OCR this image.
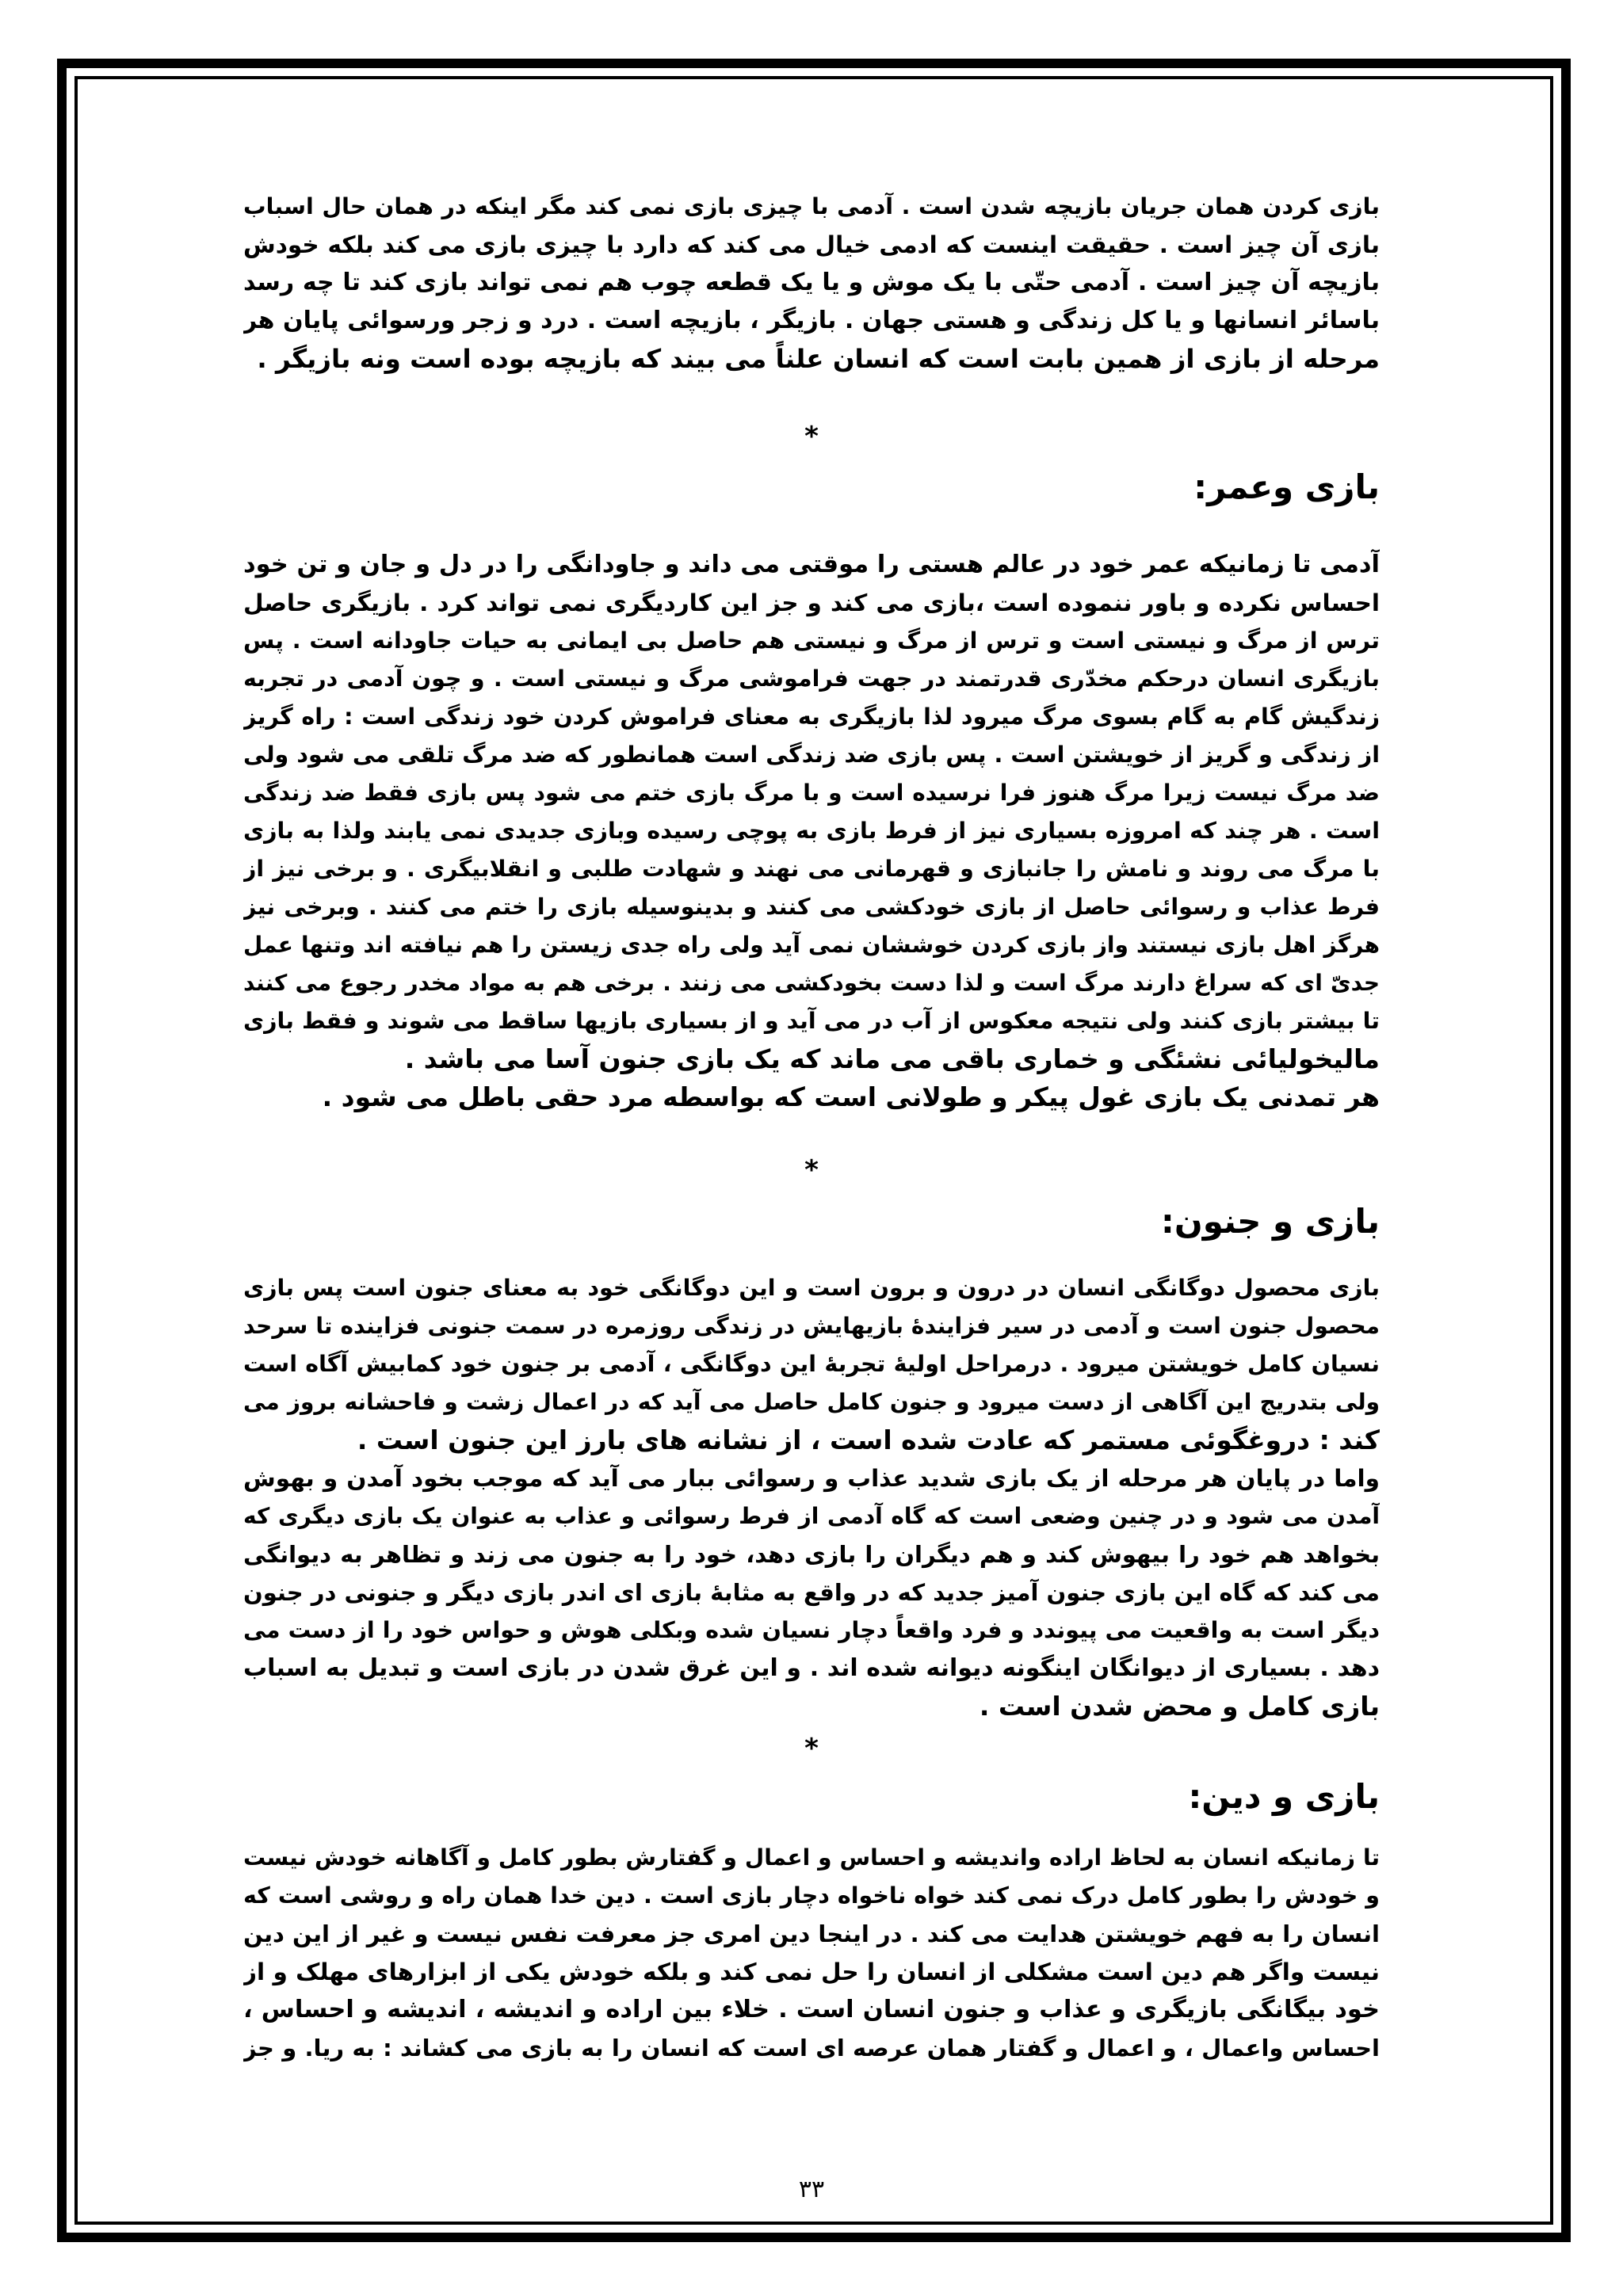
بازی کردن همان جریان بازیچه شدن است . آدمی با چیزی بازی نمی کند مگر اینکه در همان حال اسباب
بازی آن چیز است . حقیقت اینست که ادمی خیال می کند که دارد با چیزی بازی می کند بلکه خودش
بازیچه آن چیز است . آدمی حتّی با یک موش و یا یک قطعه چوب هم نمی تواند بازی کند تا چه رسد
باسائر انسانها و یا کل زندگی و هستی جهان . بازیگر ، بازیچه است . درد و زجر ورسوائی پایان هر
مرحله از بازی از همین بابت است که انسان علناً می بیند که بازیچه بوده است ونه بازیگر .
*
بازی وعمر:
آدمی تا زمانیکه عمر خود در عالم هستی را موقتی می داند و جاودانگی را در دل و جان و تن خود
احساس نکرده و باور ننموده است ،بازی می کند و جز این کاردیگری نمی تواند کرد . بازیگری حاصل
ترس از مرگ و نیستی است و ترس از مرگ و نیستی هم حاصل بی ایمانی به حیات جاودانه است . پس
بازیگری انسان درحکم مخدّری قدرتمند در جهت فراموشی مرگ و نیستی است . و چون آدمی در تجربه
زندگیش گام به گام بسوی مرگ میرود لذا بازیگری به معنای فراموش کردن خود زندگی است : راه گریز
از زندگی و گریز از خویشتن است . پس بازی ضد زندگی است همانطور که ضد مرگ تلقی می شود ولی
ضد مرگ نیست زیرا مرگ هنوز فرا نرسیده است و با مرگ بازی ختم می شود پس بازی فقط ضد زندگی
است . هر چند که امروزه بسیاری نیز از فرط بازی به پوچی رسیده وبازی جدیدی نمی یابند ولذا به بازی
با مرگ می روند و نامش را جانبازی و قهرمانی می نهند و شهادت طلبی و انقلابیگری . و برخی نیز از
فرط عذاب و رسوائی حاصل از بازی خودکشی می کنند و بدینوسیله بازی را ختم می کنند . وبرخی نیز
هرگز اهل بازی نیستند واز بازی کردن خوششان نمی آید ولی راه جدی زیستن را هم نیافته اند وتنها عمل
جدیّ ای که سراغ دارند مرگ است و لذا دست بخودکشی می زنند . برخی هم به مواد مخدر رجوع می کنند
تا بیشتر بازی کنند ولی نتیجه معکوس از آب در می آید و از بسیاری بازیها ساقط می شوند و فقط بازی
مالیخولیائی نشئگی و خماری باقی می ماند که یک بازی جنون آسا می باشد .
هر تمدنی یک بازی غول پیکر و طولانی است که بواسطه مرد حقی باطل می شود .
*
بازی و جنون:
بازی محصول دوگانگی انسان در درون و برون است و این دوگانگی خود به معنای جنون است پس بازی
محصول جنون است و آدمی در سیر فزایندهٔ بازیهایش در زندگی روزمره در سمت جنونی فزاینده تا سرحد
نسیان کامل خویشتن میرود . درمراحل اولیهٔ تجربهٔ این دوگانگی ، آدمی بر جنون خود کمابیش آگاه است
ولی بتدریج این آگاهی از دست میرود و جنون کامل حاصل می آید که در اعمال زشت و فاحشانه بروز می
کند : دروغگوئی مستمر که عادت شده است ، از نشانه های بارز این جنون است .
واما در پایان هر مرحله از یک بازی شدید عذاب و رسوائی ببار می آید که موجب بخود آمدن و بهوش
آمدن می شود و در چنین وضعی است که گاه آدمی از فرط رسوائی و عذاب به عنوان یک بازی دیگری که
بخواهد هم خود را بیهوش کند و هم دیگران را بازی دهد، خود را به جنون می زند و تظاهر به دیوانگی
می کند که گاه این بازی جنون آمیز جدید که در واقع به مثابهٔ بازی ای اندر بازی دیگر و جنونی در جنون
دیگر است به واقعیت می پیوندد و فرد واقعاً دچار نسیان شده وبکلی هوش و حواس خود را از دست می
دهد . بسیاری از دیوانگان اینگونه دیوانه شده اند . و این غرق شدن در بازی است و تبدیل به اسباب
بازی کامل و محض شدن است .
*
بازی و دین:
تا زمانیکه انسان به لحاظ اراده واندیشه و احساس و اعمال و گفتارش بطور کامل و آگاهانه خودش نیست
و خودش را بطور کامل درک نمی کند خواه ناخواه دچار بازی است . دین خدا همان راه و روشی است که
انسان را به فهم خویشتن هدایت می کند . در اینجا دین امری جز معرفت نفس نیست و غیر از این دین
نیست واگر هم دین است مشکلی از انسان را حل نمی کند و بلکه خودش یکی از ابزارهای مهلک و از
خود بیگانگی بازیگری و عذاب و جنون انسان است . خلاء بین اراده و اندیشه ، اندیشه و احساس ،
احساس واعمال ، و اعمال و گفتار همان عرصه ای است که انسان را به بازی می کشاند : به ریا. و جز
۳۳
